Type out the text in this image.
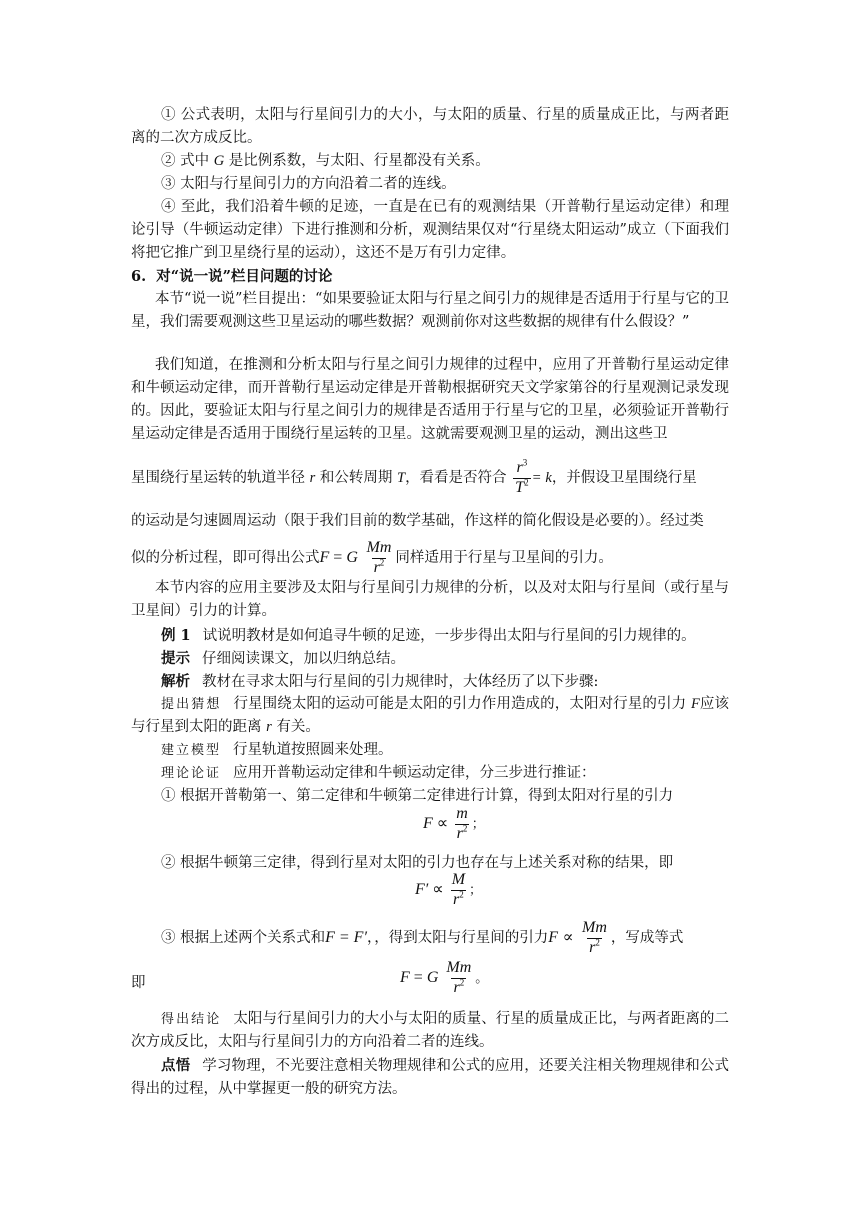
① 公式表明，太阳与行星间引力的大小，与太阳的质量、行星的质量成正比，与两者距离的二次方成反比。
② 式中 G 是比例系数，与太阳、行星都没有关系。
③ 太阳与行星间引力的方向沿着二者的连线。
④ 至此，我们沿着牛顿的足迹，一直是在已有的观测结果（开普勒行星运动定律）和理论引导（牛顿运动定律）下进行推测和分析，观测结果仅对“行星绕太阳运动”成立（下面我们将把它推广到卫星绕行星的运动），这还不是万有引力定律。
6. 对“说一说”栏目问题的讨论
本节“说一说”栏目提出：“如果要验证太阳与行星之间引力的规律是否适用于行星与它的卫星，我们需要观测这些卫星运动的哪些数据？观测前你对这些数据的规律有什么假设？”
我们知道，在推测和分析太阳与行星之间引力规律的过程中，应用了开普勒行星运动定律和牛顿运动定律，而开普勒行星运动定律是开普勒根据研究天文学家第谷的行星观测记录发现的。因此，要验证太阳与行星之间引力的规律是否适用于行星与它的卫星，必须验证开普勒行星运动定律是否适用于围绕行星运转的卫星。这就需要观测卫星的运动，测出这些卫
星围绕行星运转的轨道半径 r 和公转周期 T，看看是否符合 $\frac{r^3}{T^2} = k$，并假设卫星围绕行星
的运动是匀速圆周运动（限于我们目前的数学基础，作这样的简化假设是必要的）。经过类
似的分析过程，即可得出公式F = G $\frac{Mm}{r^2}$ 同样适用于行星与卫星间的引力。
本节内容的应用主要涉及太阳与行星间引力规律的分析，以及对太阳与行星间（或行星与卫星间）引力的计算。
例 1 试说明教材是如何追寻牛顿的足迹，一步步得出太阳与行星间的引力规律的。
提示 仔细阅读课文，加以归纳总结。
解析 教材在寻求太阳与行星间的引力规律时，大体经历了以下步骤:
提出猜想 行星围绕太阳的运动可能是太阳的引力作用造成的，太阳对行星的引力 F应该与行星到太阳的距离 r 有关。
建立模型 行星轨道按照圆来处理。
理论论证 应用开普勒运动定律和牛顿运动定律，分三步进行推证：
① 根据开普勒第一、第二定律和牛顿第二定律进行计算，得到太阳对行星的引力
$F \propto \frac{m}{r^2}$ ；
② 根据牛顿第三定律，得到行星对太阳的引力也存在与上述关系对称的结果，即
$F' \propto \frac{M}{r^2}$ ；
③ 根据上述两个关系式和F = F′，，得到太阳与行星间的引力$F \propto \frac{Mm}{r^2}$ ，写成等式
即	F = G $\frac{Mm}{r^2}$ 。
得出结论 太阳与行星间引力的大小与太阳的质量、行星的质量成正比，与两者距离的二次方成反比，太阳与行星间引力的方向沿着二者的连线。
点悟 学习物理，不光要注意相关物理规律和公式的应用，还要关注相关物理规律和公式得出的过程，从中掌握更一般的研究方法。
